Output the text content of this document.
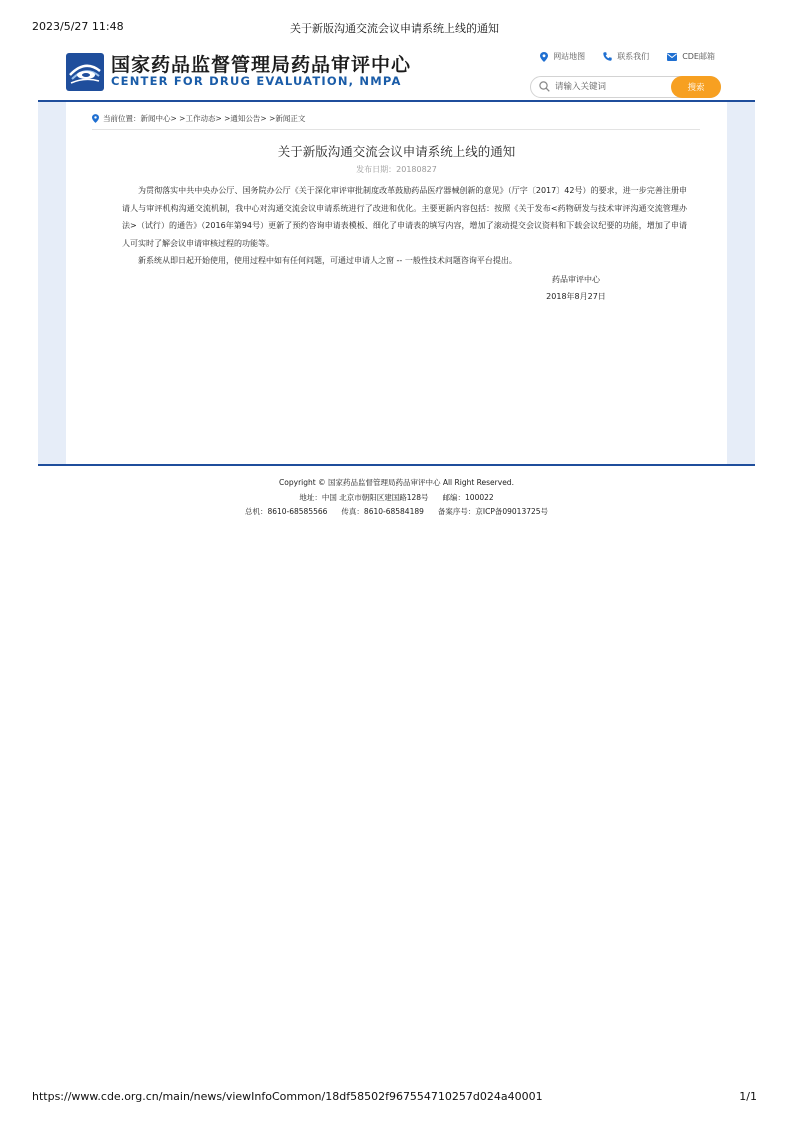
2023/5/27 11:48	关于新版沟通交流会议申请系统上线的通知
国家药品监督管理局药品审评中心
CENTER FOR DRUG EVALUATION, NMPA
网站地图	联系我们	CDE邮箱
请输入关键词
搜索
当前位置： 新闻中心> >工作动态> >通知公告> >新闻正文
关于新版沟通交流会议申请系统上线的通知
发布日期：20180827

为贯彻落实中共中央办公厅、国务院办公厅《关于深化审评审批制度改革鼓励药品医疗器械创新的意见》（厅字〔2017〕42号）的要求，进一步完善注册申请人与审评机构沟通交流机制，我中心对沟通交流会议申请系统进行了改进和优化。主要更新内容包括：按照《关于发布<药物研发与技术审评沟通交流管理办法>（试行）的通告》（2016年第94号）更新了预约咨询申请表模板、细化了申请表的填写内容，增加了滚动提交会议资料和下载会议纪要的功能，增加了申请人可实时了解会议申请审核过程的功能等。

新系统从即日起开始使用，使用过程中如有任何问题，可通过申请人之窗 -- 一般性技术问题咨询平台提出。

药品审评中心
2018年8月27日
Copyright © 国家药品监督管理局药品审评中心 All Right Reserved.
地址：中国 北京市朝阳区建国路128号 邮编：100022
总机：8610-68585566 传真：8610-68584189 备案序号：京ICP备09013725号
https://www.cde.org.cn/main/news/viewInfoCommon/18df58502f967554710257d024a40001	1/1
